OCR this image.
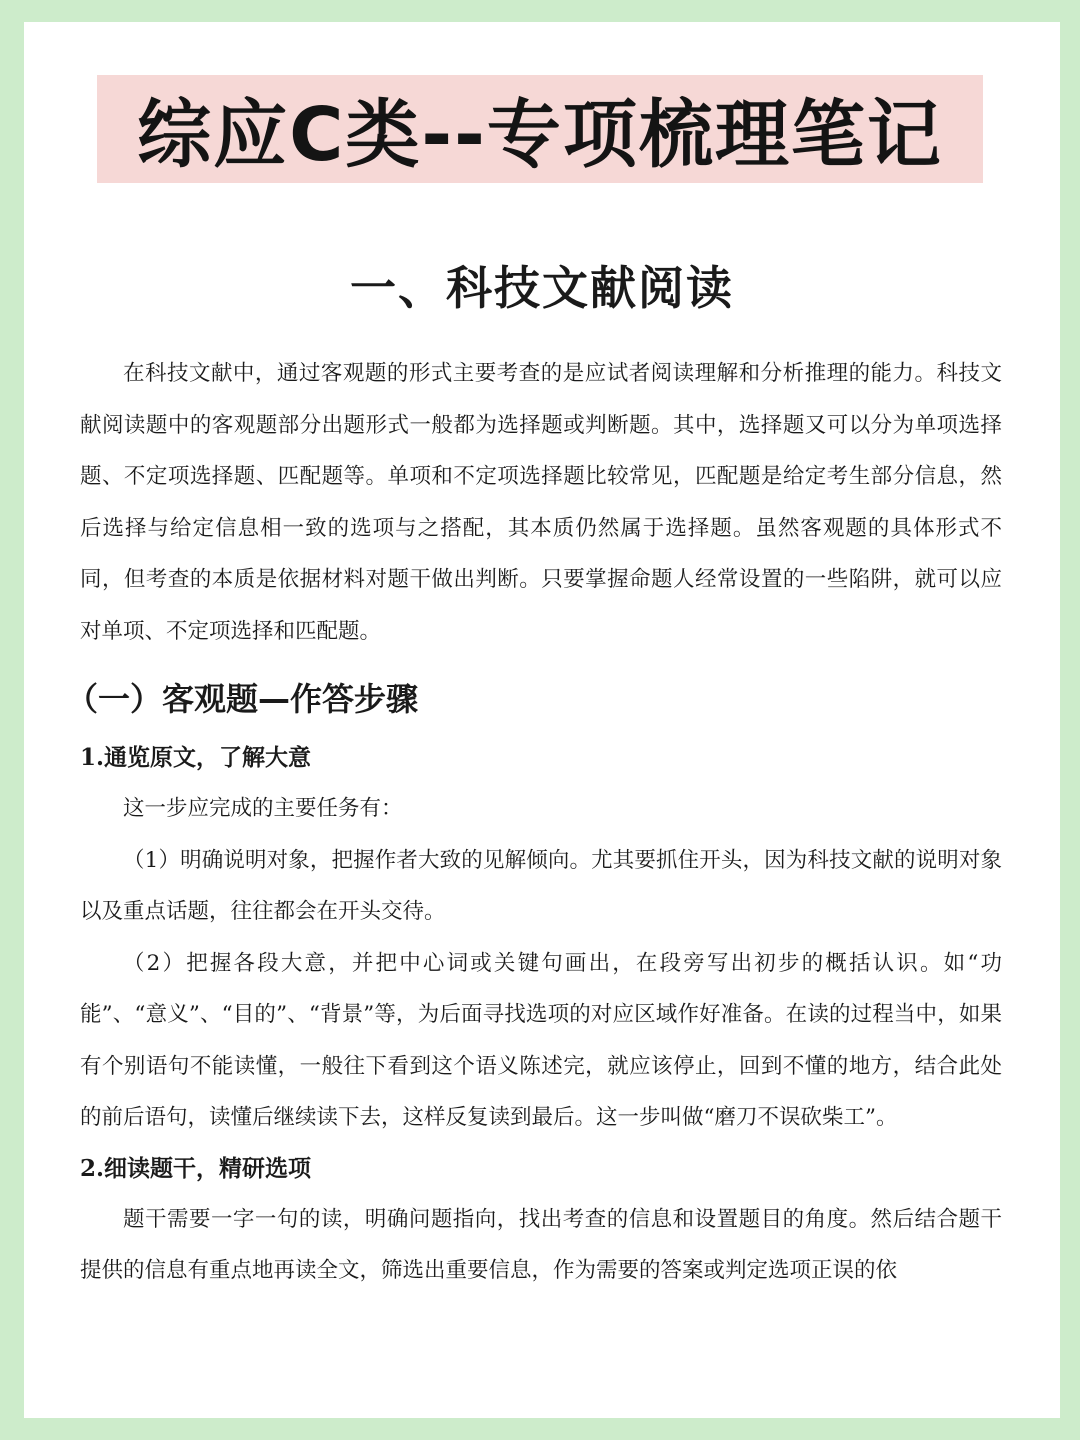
综应C类--专项梳理笔记
一、科技文献阅读

在科技文献中，通过客观题的形式主要考查的是应试者阅读理解和分析推理的能力。科技文献阅读题中的客观题部分出题形式一般都为选择题或判断题。其中，选择题又可以分为单项选择题、不定项选择题、匹配题等。单项和不定项选择题比较常见，匹配题是给定考生部分信息，然后选择与给定信息相一致的选项与之搭配，其本质仍然属于选择题。虽然客观题的具体形式不同，但考查的本质是依据材料对题干做出判断。只要掌握命题人经常设置的一些陷阱，就可以应对单项、不定项选择和匹配题。

（一）客观题—作答步骤

1.通览原文，了解大意

这一步应完成的主要任务有：

（1）明确说明对象，把握作者大致的见解倾向。尤其要抓住开头，因为科技文献的说明对象以及重点话题，往往都会在开头交待。

（2）把握各段大意，并把中心词或关键句画出，在段旁写出初步的概括认识。如“功能”、“意义”、“目的”、“背景”等，为后面寻找选项的对应区域作好准备。在读的过程当中，如果有个别语句不能读懂，一般往下看到这个语义陈述完，就应该停止，回到不懂的地方，结合此处的前后语句，读懂后继续读下去，这样反复读到最后。这一步叫做“磨刀不误砍柴工”。

2.细读题干，精研选项

题干需要一字一句的读，明确问题指向，找出考查的信息和设置题目的角度。然后结合题干提供的信息有重点地再读全文，筛选出重要信息，作为需要的答案或判定选项正误的依
